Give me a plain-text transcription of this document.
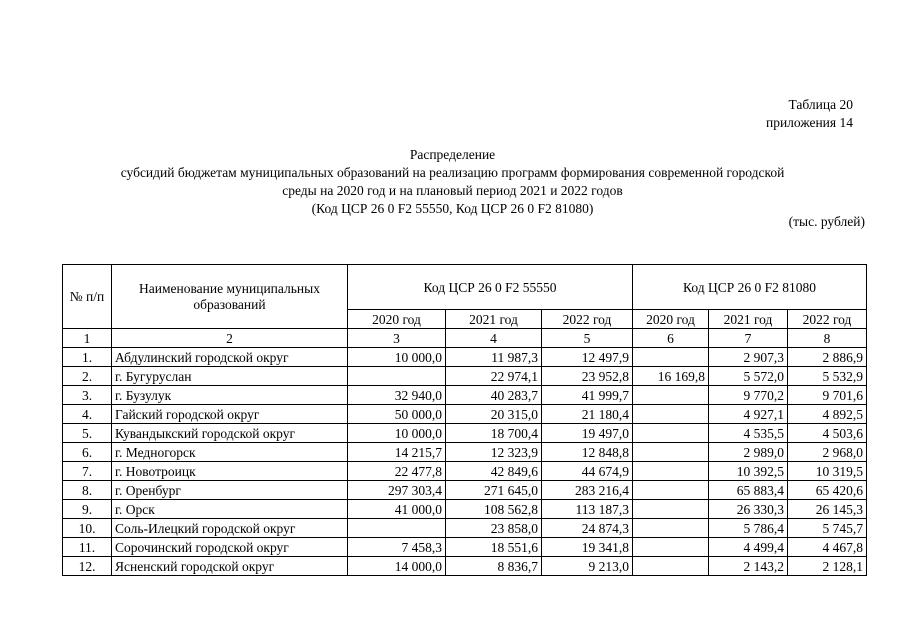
Таблица 20
приложения 14
Распределение
субсидий бюджетам муниципальных образований на реализацию программ формирования современной городской
среды на 2020 год и на плановый период 2021 и 2022 годов
(Код ЦСР 26 0 F2 55550, Код ЦСР 26 0 F2 81080)
(тыс. рублей)
№ п/п	Наименование муниципальных образований	Код ЦСР 26 0 F2 55550			Код ЦСР 26 0 F2 81080		
		2020 год	2021 год	2022 год	2020 год	2021 год	2022 год
1	2	3	4	5	6	7	8
1.	Абдулинский городской округ	10 000,0	11 987,3	12 497,9		2 907,3	2 886,9
2.	г. Бугуруслан		22 974,1	23 952,8	16 169,8	5 572,0	5 532,9
3.	г. Бузулук	32 940,0	40 283,7	41 999,7		9 770,2	9 701,6
4.	Гайский городской округ	50 000,0	20 315,0	21 180,4		4 927,1	4 892,5
5.	Кувандыкский городской округ	10 000,0	18 700,4	19 497,0		4 535,5	4 503,6
6.	г. Медногорск	14 215,7	12 323,9	12 848,8		2 989,0	2 968,0
7.	г. Новотроицк	22 477,8	42 849,6	44 674,9		10 392,5	10 319,5
8.	г. Оренбург	297 303,4	271 645,0	283 216,4		65 883,4	65 420,6
9.	г. Орск	41 000,0	108 562,8	113 187,3		26 330,3	26 145,3
10.	Соль-Илецкий городской округ		23 858,0	24 874,3		5 786,4	5 745,7
11.	Сорочинский городской округ	7 458,3	18 551,6	19 341,8		4 499,4	4 467,8
12.	Ясненский городской округ	14 000,0	8 836,7	9 213,0		2 143,2	2 128,1
